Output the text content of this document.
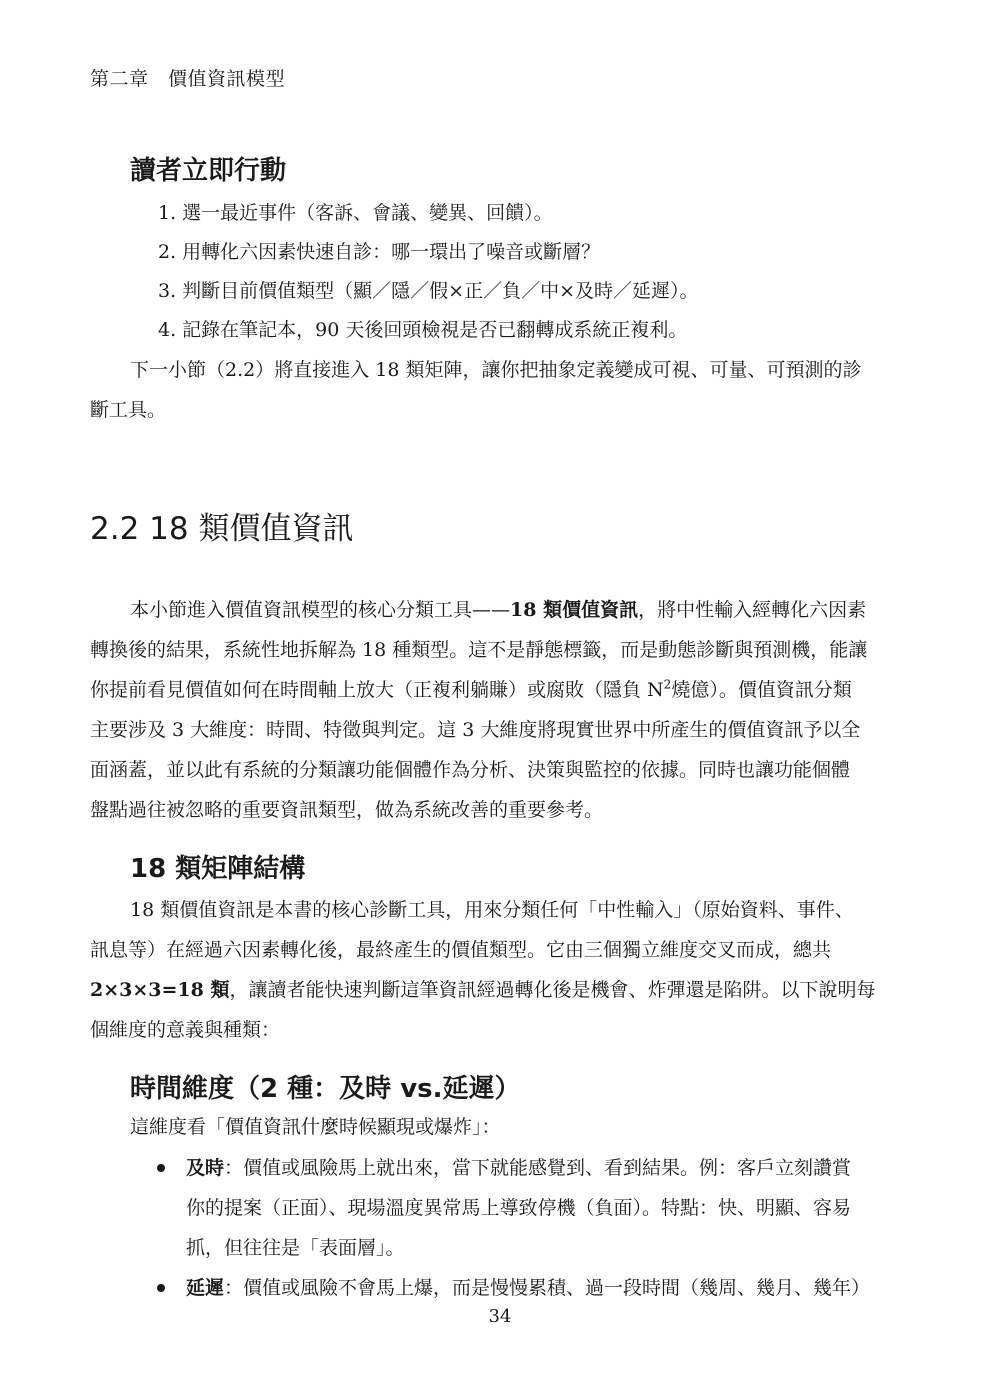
第二章　價值資訊模型
讀者立即行動
1. 選一最近事件（客訴、會議、變異、回饋）。
2. 用轉化六因素快速自診：哪一環出了噪音或斷層？
3. 判斷目前價值類型（顯／隱／假×正／負／中×及時／延遲）。
4. 記錄在筆記本，90 天後回頭檢視是否已翻轉成系統正複利。
下一小節（2.2）將直接進入 18 類矩陣，讓你把抽象定義變成可視、可量、可預測的診
斷工具。
2.2 18 類價值資訊
本小節進入價值資訊模型的核心分類工具——18 類價值資訊，將中性輸入經轉化六因素
轉換後的結果，系統性地拆解為 18 種類型。這不是靜態標籤，而是動態診斷與預測機，能讓
你提前看見價值如何在時間軸上放大（正複利躺賺）或腐敗（隱負 $N^2$燒億）。價值資訊分類
主要涉及 3 大維度：時間、特徵與判定。這 3 大維度將現實世界中所產生的價值資訊予以全
面涵蓋，並以此有系統的分類讓功能個體作為分析、決策與監控的依據。同時也讓功能個體
盤點過往被忽略的重要資訊類型，做為系統改善的重要參考。
18 類矩陣結構
18 類價值資訊是本書的核心診斷工具，用來分類任何「中性輸入」（原始資料、事件、
訊息等）在經過六因素轉化後，最終產生的價值類型。它由三個獨立維度交叉而成，總共
2×3×3=18 類，讓讀者能快速判斷這筆資訊經過轉化後是機會、炸彈還是陷阱。以下說明每
個維度的意義與種類：
時間維度（2 種：及時 vs.延遲）
這維度看「價值資訊什麼時候顯現或爆炸」：
及時：價值或風險馬上就出來，當下就能感覺到、看到結果。例：客戶立刻讚賞
你的提案（正面）、現場溫度異常馬上導致停機（負面）。特點：快、明顯、容易
抓，但往往是「表面層」。
延遲：價值或風險不會馬上爆，而是慢慢累積、過一段時間（幾周、幾月、幾年）
34
